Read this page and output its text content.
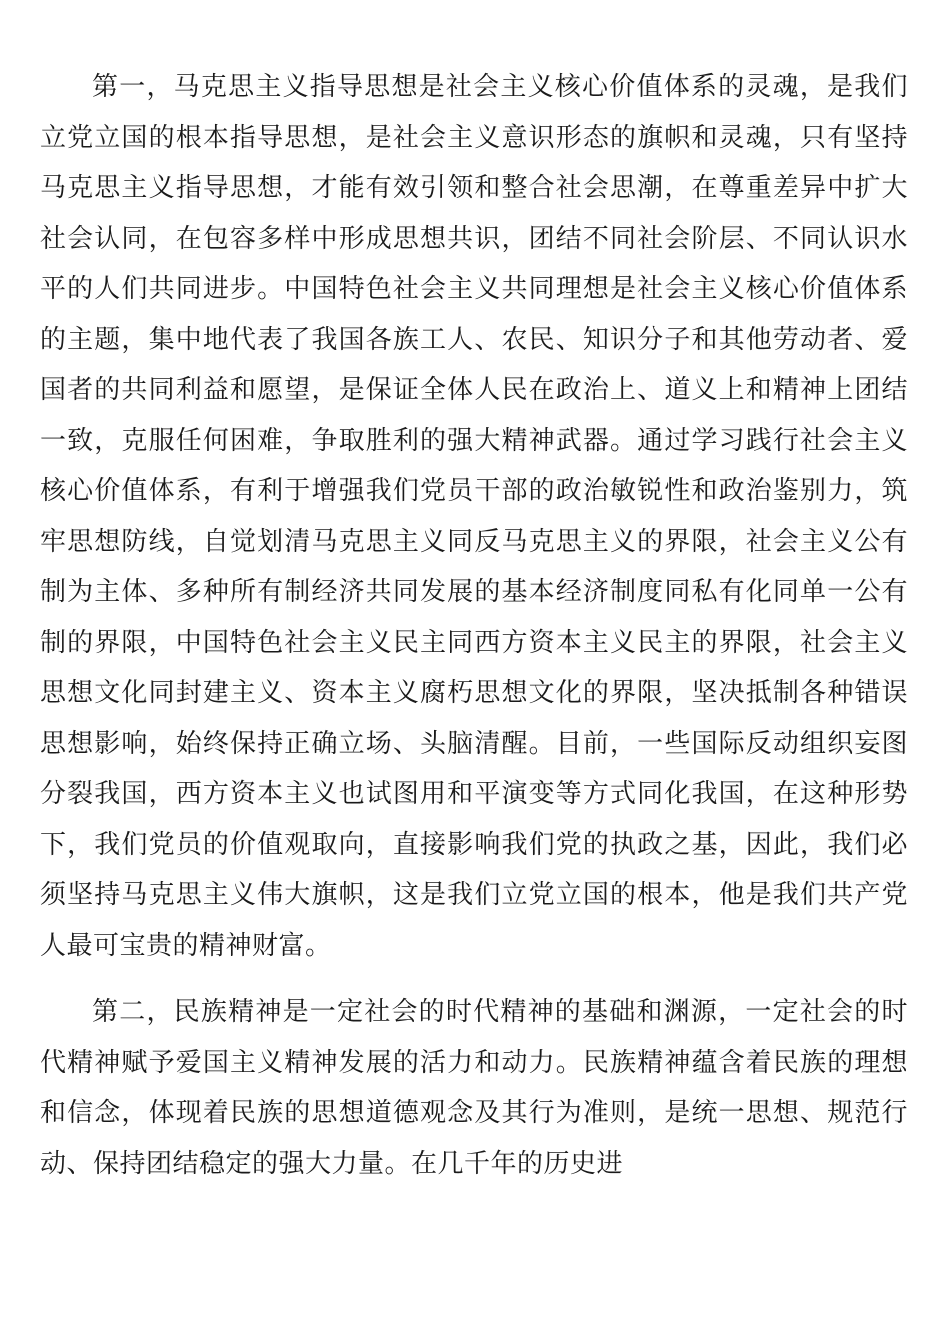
第一，马克思主义指导思想是社会主义核心价值体系的灵魂，是我们立党立国的根本指导思想，是社会主义意识形态的旗帜和灵魂，只有坚持马克思主义指导思想，才能有效引领和整合社会思潮，在尊重差异中扩大社会认同，在包容多样中形成思想共识，团结不同社会阶层、不同认识水平的人们共同进步。中国特色社会主义共同理想是社会主义核心价值体系的主题，集中地代表了我国各族工人、农民、知识分子和其他劳动者、爱国者的共同利益和愿望，是保证全体人民在政治上、道义上和精神上团结一致，克服任何困难，争取胜利的强大精神武器。通过学习践行社会主义核心价值体系，有利于增强我们党员干部的政治敏锐性和政治鉴别力，筑牢思想防线，自觉划清马克思主义同反马克思主义的界限，社会主义公有制为主体、多种所有制经济共同发展的基本经济制度同私有化同单一公有制的界限，中国特色社会主义民主同西方资本主义民主的界限，社会主义思想文化同封建主义、资本主义腐朽思想文化的界限，坚决抵制各种错误思想影响，始终保持正确立场、头脑清醒。目前，一些国际反动组织妄图分裂我国，西方资本主义也试图用和平演变等方式同化我国，在这种形势下，我们党员的价值观取向，直接影响我们党的执政之基，因此，我们必须坚持马克思主义伟大旗帜，这是我们立党立国的根本，他是我们共产党人最可宝贵的精神财富。

第二，民族精神是一定社会的时代精神的基础和渊源，一定社会的时代精神赋予爱国主义精神发展的活力和动力。民族精神蕴含着民族的理想和信念，体现着民族的思想道德观念及其行为准则，是统一思想、规范行动、保持团结稳定的强大力量。在几千年的历史进
